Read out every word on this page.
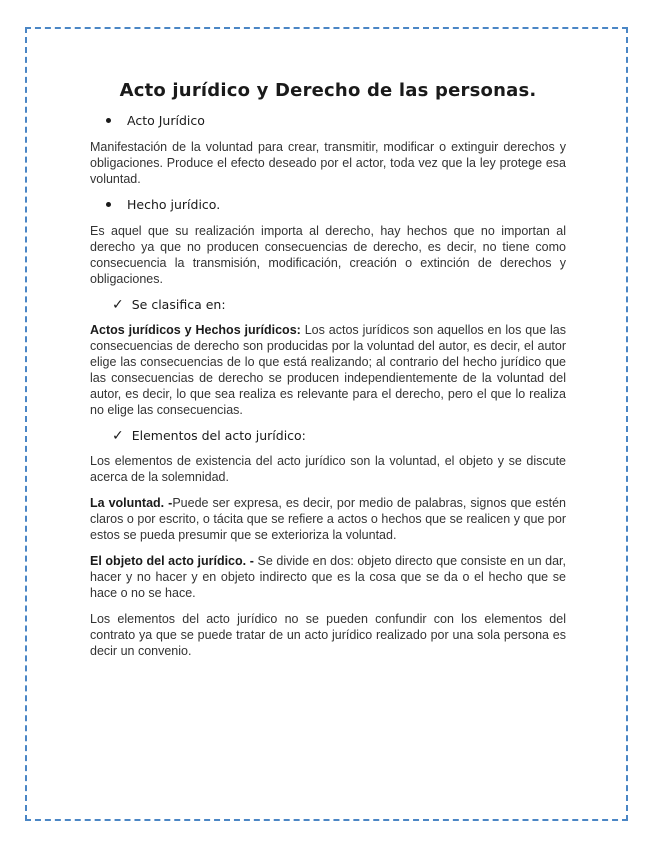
Acto jurídico y Derecho de las personas.
Acto Jurídico

Manifestación de la voluntad para crear, transmitir, modificar o extinguir derechos y obligaciones. Produce el efecto deseado por el actor, toda vez que la ley protege esa voluntad.

Hecho jurídico.

Es aquel que su realización importa al derecho, hay hechos que no importan al derecho ya que no producen consecuencias de derecho, es decir, no tiene como consecuencia la transmisión, modificación, creación o extinción de derechos y obligaciones.

✓ Se clasifica en:

Actos jurídicos y Hechos jurídicos: Los actos jurídicos son aquellos en los que las consecuencias de derecho son producidas por la voluntad del autor, es decir, el autor elige las consecuencias de lo que está realizando; al contrario del hecho jurídico que las consecuencias de derecho se producen independientemente de la voluntad del autor, es decir, lo que sea realiza es relevante para el derecho, pero el que lo realiza no elige las consecuencias.

✓ Elementos del acto jurídico:

Los elementos de existencia del acto jurídico son la voluntad, el objeto y se discute acerca de la solemnidad.

La voluntad. -Puede ser expresa, es decir, por medio de palabras, signos que estén claros o por escrito, o tácita que se refiere a actos o hechos que se realicen y que por estos se pueda presumir que se exterioriza la voluntad.

El objeto del acto jurídico. - Se divide en dos: objeto directo que consiste en un dar, hacer y no hacer y en objeto indirecto que es la cosa que se da o el hecho que se hace o no se hace.

Los elementos del acto jurídico no se pueden confundir con los elementos del contrato ya que se puede tratar de un acto jurídico realizado por una sola persona es decir un convenio.
